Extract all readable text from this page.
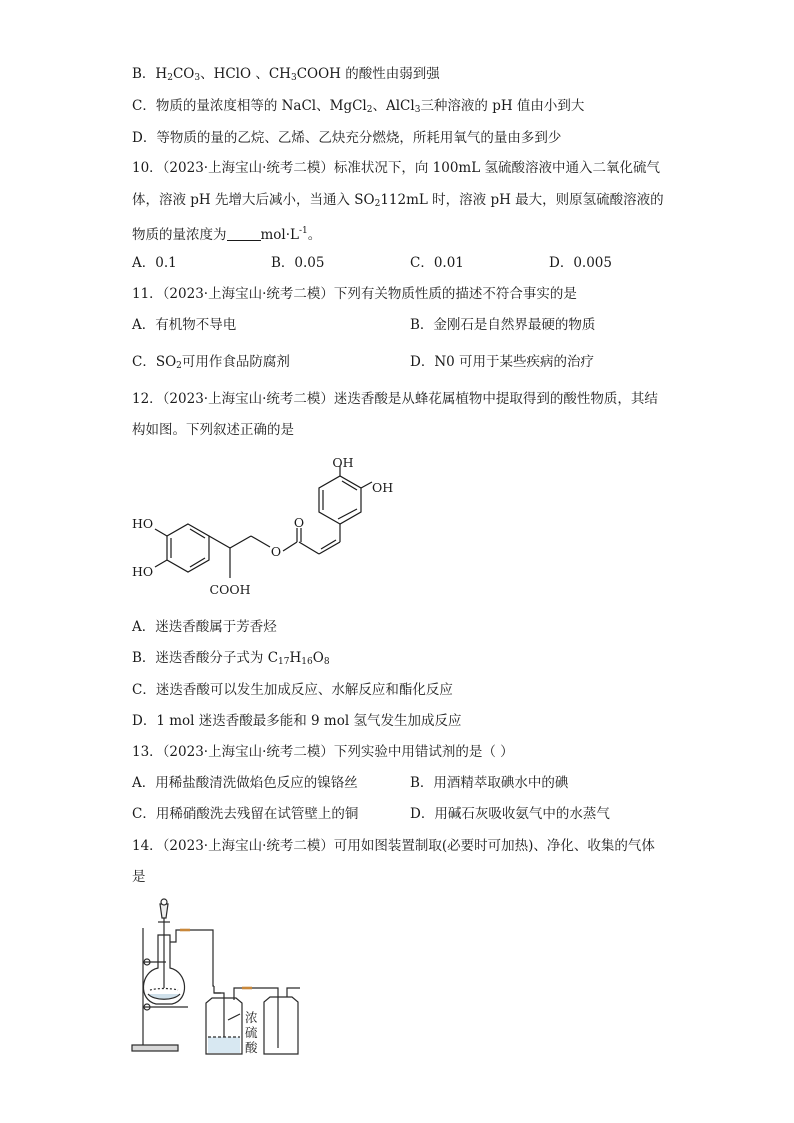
B．$H_2CO_3$、HClO 、$CH_3COOH$ 的酸性由弱到强
C．物质的量浓度相等的 NaCl、MgCl$_2$、AlCl$_3$三种溶液的 pH 值由小到大
D．等物质的量的乙烷、乙烯、乙炔充分燃烧，所耗用氧气的量由多到少
10．（2023·上海宝山·统考二模）标准状况下，向 100mL 氢硫酸溶液中通入二氧化硫气
体，溶液 pH 先增大后减小，当通入 $SO_2112mL$ 时，溶液 pH 最大，则原氢硫酸溶液的
物质的量浓度为	$mol\cdot L^{-1}$。
A．0.1	B．0.05	C．0.01	D．0.005
11．（2023·上海宝山·统考二模）下列有关物质性质的描述不符合事实的是
A．有机物不导电	B．金刚石是自然界最硬的物质
C．$SO_2$可用作食品防腐剂	D．N0 可用于某些疾病的治疗
12．（2023·上海宝山·统考二模）迷迭香酸是从蜂花属植物中提取得到的酸性物质，其结
构如图。下列叙述正确的是
OH
OH
HO
HO
O
O
COOH
A．迷迭香酸属于芳香烃
B．迷迭香酸分子式为 $C_{17}H_{16}O_8$
C．迷迭香酸可以发生加成反应、水解反应和酯化反应
D．1 mol 迷迭香酸最多能和 9 mol 氢气发生加成反应
13．（2023·上海宝山·统考二模）下列实验中用错试剂的是（ ）
A．用稀盐酸清洗做焰色反应的镍铬丝	B．用酒精萃取碘水中的碘
C．用稀硝酸洗去残留在试管壁上的铜	D．用碱石灰吸收氨气中的水蒸气
14．（2023·上海宝山·统考二模）可用如图装置制取(必要时可加热)、净化、收集的气体
是
浓
硫
酸
